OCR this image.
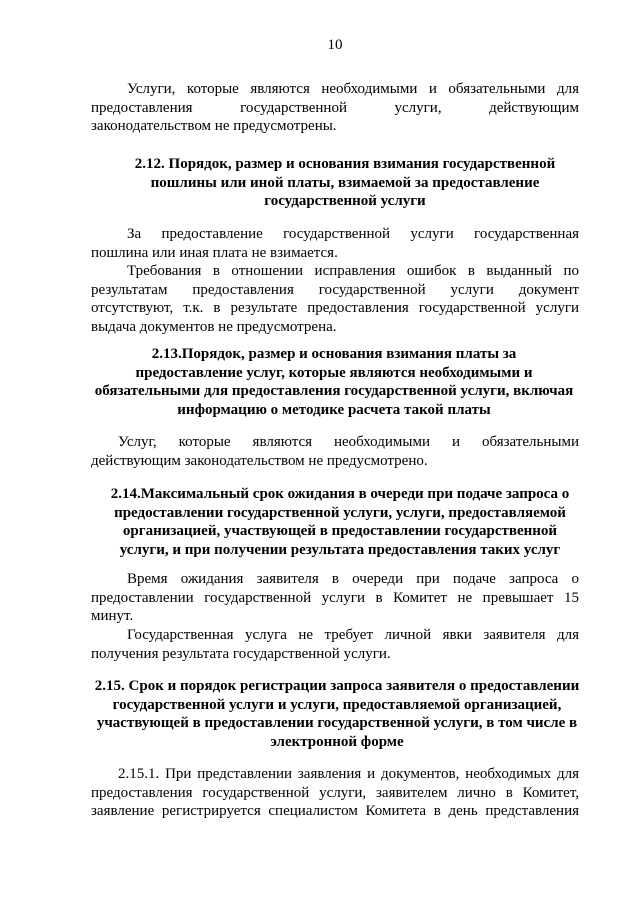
10
Услуги, которые являются необходимыми и обязательными для
предоставления государственной услуги, действующим
законодательством не предусмотрены.
2.12. Порядок, размер и основания взимания государственной
пошлины или иной платы, взимаемой за предоставление
государственной услуги
За предоставление государственной услуги государственная
пошлина или иная плата не взимается.
Требования в отношении исправления ошибок в выданный по
результатам предоставления государственной услуги документ
отсутствуют, т.к. в результате предоставления государственной услуги
выдача документов не предусмотрена.
2.13.Порядок, размер и основания взимания платы за
предоставление услуг, которые являются необходимыми и
обязательными для предоставления государственной услуги, включая
информацию о методике расчета такой платы
Услуг, которые являются необходимыми и обязательными
действующим законодательством не предусмотрено.
2.14.Максимальный срок ожидания в очереди при подаче запроса о
предоставлении государственной услуги, услуги, предоставляемой
организацией, участвующей в предоставлении государственной
услуги, и при получении результата предоставления таких услуг
Время ожидания заявителя в очереди при подаче запроса о
предоставлении государственной услуги в Комитет не превышает 15
минут.
Государственная услуга не требует личной явки заявителя для
получения результата государственной услуги.
2.15. Срок и порядок регистрации запроса заявителя о предоставлении
государственной услуги и услуги, предоставляемой организацией,
участвующей в предоставлении государственной услуги, в том числе в
электронной форме
2.15.1. При представлении заявления и документов, необходимых для
предоставления государственной услуги, заявителем лично в Комитет,
заявление регистрируется специалистом Комитета в день представления
